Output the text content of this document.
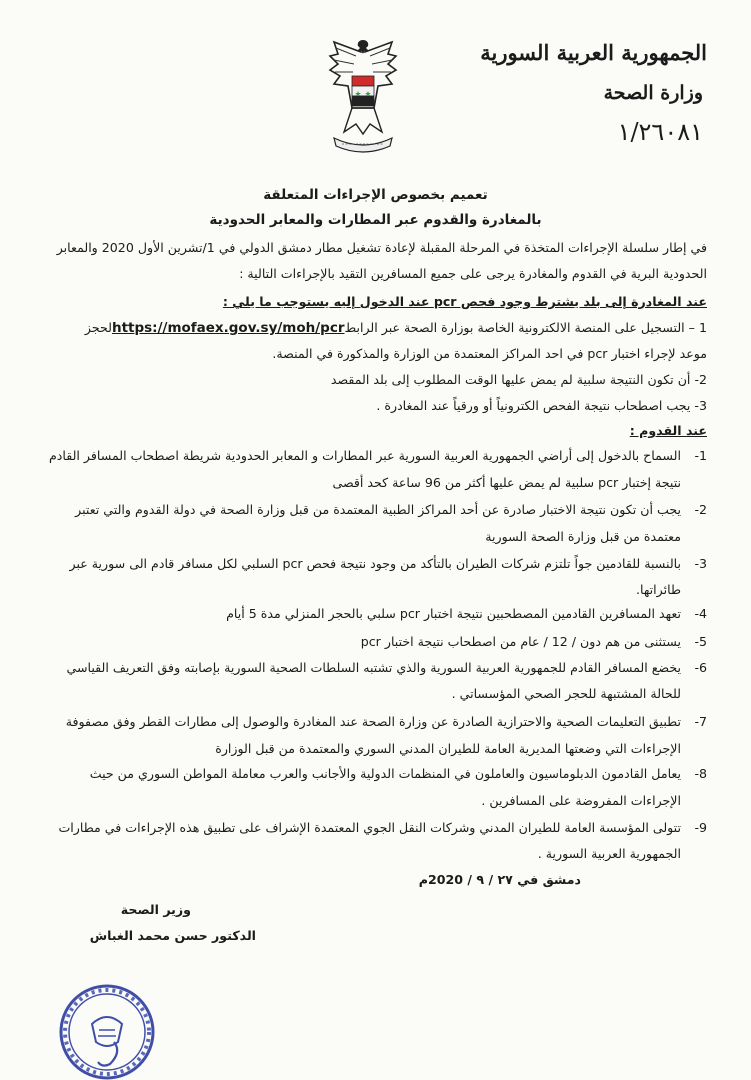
الجمهورية العربية السورية
وزارة الصحة
١/٢٦٠٨١
تعميم بخصوص الإجراءات المتعلقة
بالمغادرة والقدوم عبر المطارات والمعابر الحدودية
في إطار سلسلة الإجراءات المتخذة في المرحلة المقبلة لإعادة تشغيل مطار دمشق الدولي في 1/تشرين الأول 2020 والمعابر
الحدودية البرية في القدوم والمغادرة يرجى على جميع المسافرين التقيد بالإجراءات التالية :
عند المغادرة إلى بلد يشترط وجود فحص pcr عند الدخول إليه يستوجب ما يلي :
1 – التسجيل على المنصة الالكترونية الخاصة بوزارة الصحة عبر الرابطhttps://mofaex.gov.sy/moh/pcrلحجز
موعد لإجراء اختبار pcr في احد المراكز المعتمدة من الوزارة والمذكورة في المنصة.
2- أن تكون النتيجة سلبية لم يمض عليها الوقت المطلوب إلى بلد المقصد
3- يجب اصطحاب نتيجة الفحص الكترونياً أو ورقياً عند المغادرة .
عند القدوم :
1-
السماح بالدخول إلى أراضي الجمهورية العربية السورية عبر المطارات و المعابر الحدودية شريطة اصطحاب المسافر القادم
نتيجة إختبار pcr سلبية لم يمض عليها أكثر من 96 ساعة كحد أقصى
2-
يجب أن تكون نتيجة الاختبار صادرة عن أحد المراكز الطبية المعتمدة من قبل وزارة الصحة في دولة القدوم والتي تعتبر
معتمدة من قبل وزارة الصحة السورية
3-
بالنسبة للقادمين جواً تلتزم شركات الطيران بالتأكد من وجود نتيجة فحص pcr السلبي لكل مسافر قادم الى سورية عبر
طائراتها.
4-
تعهد المسافرين القادمين المصطحبين نتيجة اختبار pcr سلبي بالحجر المنزلي مدة 5 أيام
5-
يستثنى من هم دون / 12 / عام من اصطحاب نتيجة اختبار pcr
6-
يخضع المسافر القادم للجمهورية العربية السورية والذي تشتبه السلطات الصحية السورية بإصابته وفق التعريف القياسي
للحالة المشتبهة للحجر الصحي المؤسساتي .
7-
تطبيق التعليمات الصحية والاحترازية الصادرة عن وزارة الصحة عند المغادرة والوصول إلى مطارات القطر وفق مصفوفة
الإجراءات التي وضعتها المديرية العامة للطيران المدني السوري والمعتمدة من قبل الوزارة
8-
يعامل القادمون الدبلوماسيون والعاملون في المنظمات الدولية والأجانب والعرب معاملة المواطن السوري من حيث
الإجراءات المفروضة على المسافرين .
9-
تتولى المؤسسة العامة للطيران المدني وشركات النقل الجوي المعتمدة الإشراف على تطبيق هذه الإجراءات في مطارات
الجمهورية العربية السورية .
دمشق في ٢٧ / ٩ / 2020م
وزير الصحة
الدكتور حسن محمد الغباش
